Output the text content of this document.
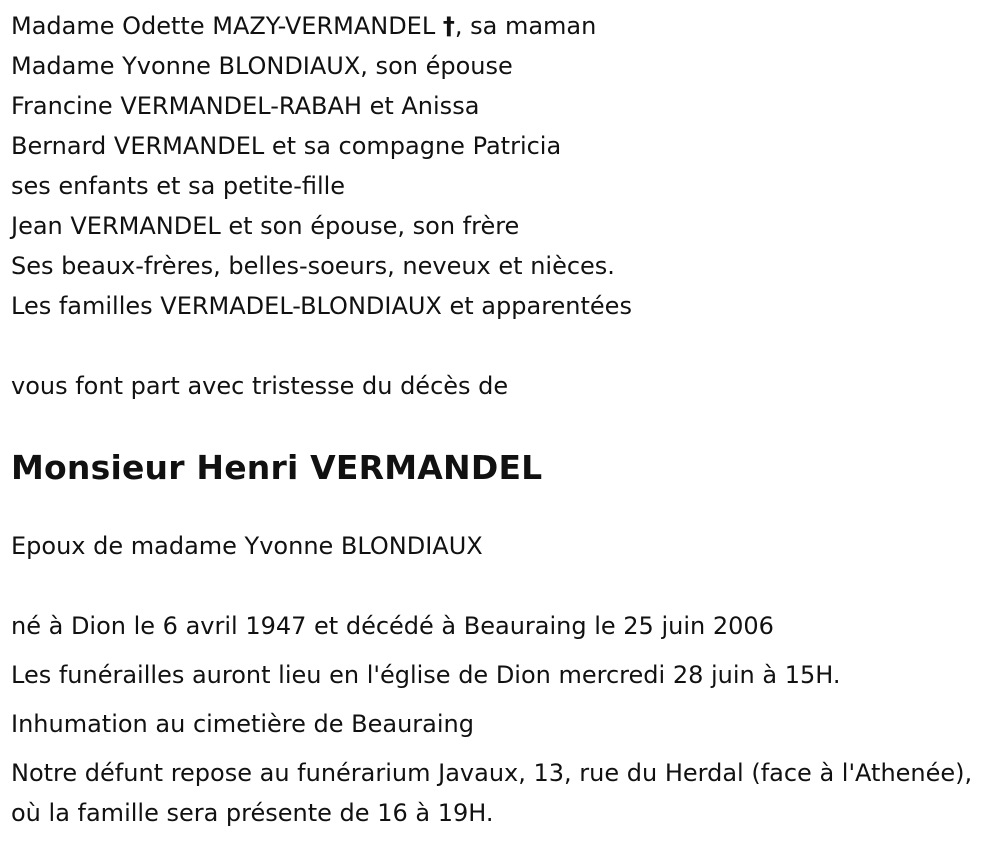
Madame Odette MAZY-VERMANDEL †, sa maman
Madame Yvonne BLONDIAUX, son épouse
Francine VERMANDEL-RABAH et Anissa
Bernard VERMANDEL et sa compagne Patricia
ses enfants et sa petite-fille
Jean VERMANDEL et son épouse, son frère
Ses beaux-frères, belles-soeurs, neveux et nièces.
Les familles VERMADEL-BLONDIAUX et apparentées
vous font part avec tristesse du décès de
Monsieur Henri VERMANDEL
Epoux de madame Yvonne BLONDIAUX
né à Dion le 6 avril 1947 et décédé à Beauraing le 25 juin 2006
Les funérailles auront lieu en l'église de Dion mercredi 28 juin à 15H.
Inhumation au cimetière de Beauraing
Notre défunt repose au funérarium Javaux, 13, rue du Herdal (face à l'Athenée), où la famille sera présente de 16 à 19H.
